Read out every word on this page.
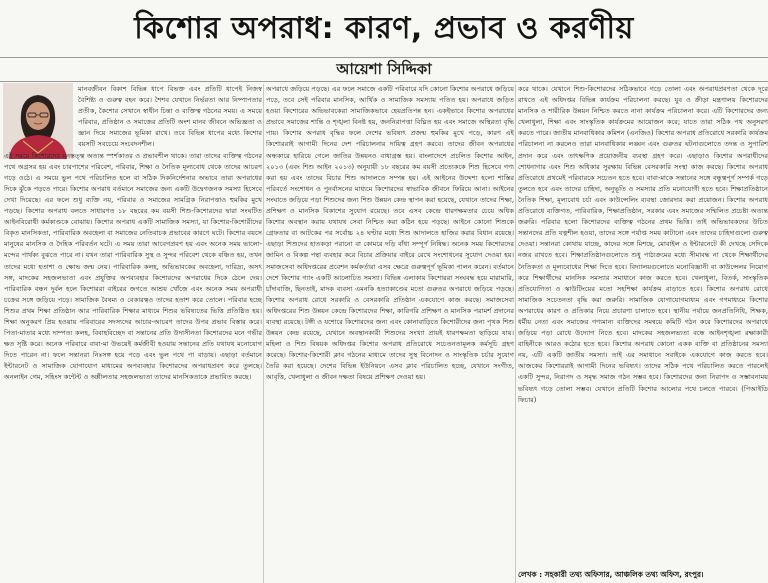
কিশোর অপরাধ: কারণ, প্রভাব ও করণীয়
আয়েশা সিদ্দিকা

মানবজীবন বিকাশ বিভিন্ন ধাপে বিভক্ত এবং প্রতিটি ধাপেই নিজস্ব বৈশিষ্ট্য ও গুরুত্ব বহন করে। শৈশব যেখানে নির্ভরতা আর নিষ্পাপতার প্রতীক, কৈশোর সেখানে স্বাধীন চিন্তা ও ব্যক্তিত্ব গঠনের সময়। এ সময়ে পরিবার, প্রতিষ্ঠান ও সমাজের প্রতিটি অংশ মানব জীবনে অভিজ্ঞতা ও জ্ঞান দিয়ে সমাজের ভূমিকা রাখে। তবে বিভিন্ন ধাপের মধ্যে কিশোর বয়সটি সবচেয়ে সংবেদনশীল।

এই সময়ে কিশোরদের মনস্তত্ত্ব অত্যন্ত স্পর্শকাতর ও প্রভাবশীল থাকে। তারা তাদের ব্যক্তিত্ব গঠনের পথে অগ্রসর হয় এবং চারপাশের পরিবেশ, পরিবার, শিক্ষা ও নৈতিক মূল্যবোধ থেকে তাদের আচরণ গড়ে ওঠে। এ সময়ে ভুল পথে পরিচালিত হলে বা সঠিক দিকনির্দেশনার অভাবে তারা অপরাধের দিকে ঝুঁকে পড়তে পারে। কিশোর অপরাধ বর্তমানে সমাজের জন্য একটি উদ্বেগজনক সমস্যা হিসেবে দেখা দিয়েছে। এর ফলে শুধু ব্যক্তি নয়, পরিবার ও সমাজের সামগ্রিক নিরাপত্তাও হুমকির মুখে পড়ছে। কিশোর অপরাধ বলতে সাধারণত ১৮ বছরের কম বয়সী শিশু-কিশোরদের দ্বারা সংঘটিত আইনবিরোধী কর্মকাণ্ডকে বোঝায়। কিশোর অপরাধ একটি সামাজিক সমস্যা, যা কিশোর-কিশোরীদের বিকৃত মানসিকতা, পারিবারিক অবহেলা বা সমাজের নেতিবাচক প্রভাবের কারণে ঘটে। কিশোর বয়সে মানুষের মানসিক ও দৈহিক পরিবর্তন ঘটে। এ সময় তারা আবেগপ্রবণ হয় এবং অনেক সময় ভালো-মন্দের পার্থক্য বুঝতে পারে না। যখন তারা পারিবারিক সুস্থ ও সুন্দর পরিবেশ থেকে বঞ্চিত হয়, তখন তাদের মধ্যে হতাশা ও ক্ষোভ জন্ম নেয়। পারিবারিক কলহ, অভিভাবকের অবহেলা, দারিদ্র্য, অসৎ সঙ্গ, মাদকের সহজলভ্যতা এবং প্রযুক্তির অপব্যবহার কিশোরদের অপরাধের দিকে ঠেলে দেয়। পারিবারিক বন্ধন দুর্বল হলে কিশোররা বাইরের জগতে আশ্রয় খোঁজে এবং অনেক সময় অপরাধী চক্রের সঙ্গে জড়িয়ে পড়ে। সামাজিক বৈষম্য ও বেকারত্বও তাদের হতাশ করে তোলে। পরিবার হচ্ছে শিশুর প্রথম শিক্ষা প্রতিষ্ঠান আর পারিবারিক শিক্ষার মাধ্যমে শিশুর ভবিষ্যতের ভিত্তি প্রতিষ্ঠিত হয়। শিক্ষা অনুকরণ প্রিয় হওয়ায় পরিবারের সদস্যদের আচার-আচরণ তাদের উপর প্রভাব বিস্তার করে। পিতা-মাতার মধ্যে দাম্পত্য কলহ, বিবাহবিচ্ছেদ বা সন্তানের প্রতি উদাসীনতা কিশোরদের মনে গভীর ক্ষত সৃষ্টি করে। অনেক পরিবারে বাবা-মা উভয়েই কর্মজীবী হওয়ায় সন্তানের প্রতি যথাযথ মনোযোগ দিতে পারেন না। ফলে সন্তানরা নিঃসঙ্গ হয়ে পড়ে এবং ভুল পথে পা বাড়ায়। এছাড়া বর্তমানে ইন্টারনেট ও সামাজিক যোগাযোগ মাধ্যমের অপব্যবহার কিশোরদের অপরাধপ্রবণ করে তুলছে। অনলাইন গেম, সহিংস কন্টেন্ট ও অশ্লীলতার সহজলভ্যতা তাদের মানসিকতাকে প্রভাবিত করছে।

অপরাধে জড়িয়ে পড়ছে। এর ফলে সমাজে একটি পরিবারে যদি কোনো কিশোর অপরাধে জড়িয়ে পড়ে, তবে সেই পরিবার মানসিক, আর্থিক ও সামাজিক সমস্যায় পতিত হয়। অপরাধে জড়িত হওয়া কিশোরের অভিভাবকেরা সামাজিকভাবে হেয়প্রতিপন্ন হন। একইভাবে কিশোর অপরাধের প্রভাবে সমাজের শান্তি ও শৃঙ্খলা বিনষ্ট হয়, জননিরাপত্তা বিঘ্নিত হয় এবং সমাজে অস্থিরতা বৃদ্ধি পায়। কিশোর অপরাধ বৃদ্ধির ফলে দেশের ভবিষ্যৎ প্রজন্ম হুমকির মুখে পড়ে, কারণ এই কিশোররাই আগামী দিনের দেশ পরিচালনার দায়িত্ব গ্রহণ করবে। তাদের জীবন অপরাধের অন্ধকারে হারিয়ে গেলে জাতির উন্নয়নও বাধাগ্রস্ত হয়। বাংলাদেশে প্রচলিত কিশোর আইন, ২০১৩ (এবং শিশু আইন ২০১৩) অনুযায়ী ১৮ বছরের কম বয়সী প্রত্যেককে শিশু হিসেবে গণ্য করা হয় এবং তাদের বিচার শিশু আদালতে সম্পন্ন হয়। এই আইনের উদ্দেশ্য হলো শাস্তির পরিবর্তে সংশোধন ও পুনর্বাসনের মাধ্যমে কিশোরদের স্বাভাবিক জীবনে ফিরিয়ে আনা। আইনের সংঘাতে জড়িয়ে পড়া শিশুদের জন্য শিশু উন্নয়ন কেন্দ্র স্থাপন করা হয়েছে, যেখানে তাদের শিক্ষা, প্রশিক্ষণ ও মানসিক বিকাশের সুযোগ রয়েছে। তবে এসব কেন্দ্রে ধারণক্ষমতার চেয়ে অধিক কিশোর অবস্থান করায় যথাযথ সেবা নিশ্চিত করা কঠিন হয়ে পড়ছে। আইনে কোনো শিশুকে গ্রেফতার বা আটকের পর সর্বোচ্চ ২৪ ঘণ্টার মধ্যে শিশু আদালতে হাজির করার বিধান রয়েছে। এছাড়া শিশুদের হাতকড়া পরানো বা কোমরে দড়ি বাঁধা সম্পূর্ণ নিষিদ্ধ। অনেক সময় কিশোরদের জামিন ও বিকল্প পন্থা ব্যবহার করে বিচার প্রক্রিয়ার বাইরে রেখে সংশোধনের সুযোগ দেওয়া হয়। সমাজসেবা অধিদপ্তরের প্রবেশন কর্মকর্তারা এসব ক্ষেত্রে গুরুত্বপূর্ণ ভূমিকা পালন করেন। বর্তমানে দেশে কিশোর গ্যাং একটি আলোচিত সমস্যা। বিভিন্ন এলাকায় কিশোররা সংঘবদ্ধ হয়ে মারামারি, চাঁদাবাজি, ছিনতাই, মাদক ব্যবসা এমনকি হত্যাকাণ্ডের মতো গুরুতর অপরাধে জড়িয়ে পড়ছে। কিশোর অপরাধ রোধে সরকারি ও বেসরকারি প্রতিষ্ঠান একযোগে কাজ করছে। সমাজসেবা অধিদপ্তরের শিশু উন্নয়ন কেন্দ্রে কিশোরদের শিক্ষা, কারিগরি প্রশিক্ষণ ও মানসিক পরামর্শ প্রদানের ব্যবস্থা রয়েছে। টঙ্গী ও যশোরে কিশোরদের জন্য এবং কোনাবাড়িতে কিশোরীদের জন্য পৃথক শিশু উন্নয়ন কেন্দ্র রয়েছে, যেখানে অবস্থানকারী শিশুদের সংখ্যা প্রায়ই ধারণক্ষমতা ছাড়িয়ে যায়। মহিলা ও শিশু বিষয়ক অধিদপ্তর কিশোর অপরাধ প্রতিরোধে সচেতনতামূলক কর্মসূচি গ্রহণ করেছে। কিশোর-কিশোরী ক্লাব গঠনের মাধ্যমে তাদের সুস্থ বিনোদন ও সাংস্কৃতিক চর্চার সুযোগ তৈরি করা হয়েছে। দেশের বিভিন্ন ইউনিয়নে এসব ক্লাব পরিচালিত হচ্ছে, যেখানে সংগীত, আবৃত্তি, খেলাধুলা ও জীবন দক্ষতা বিষয়ে প্রশিক্ষণ দেওয়া হয়।

করে থাকে। যেখানে শিশু-কিশোরদের সঠিকভাবে গড়ে তোলা এবং অপরাধপ্রবণতা থেকে দূরে রাখতে এই অধিদপ্তর বিভিন্ন কার্যক্রম পরিচালনা করছে। যুব ও ক্রীড়া মন্ত্রণালয় কিশোরদের মানসিক ও শারীরিক উন্নয়ন নিশ্চিত করতে নানা কার্যক্রম পরিচালনা করে। এটি কিশোরদের জন্য খেলাধুলা, শিক্ষা এবং সাংস্কৃতিক কার্যক্রমের আয়োজন করে; যাতে তারা সঠিক পথ অনুসরণ করতে পারে। জাতীয় মানবাধিকার কমিশন (এনজিও) কিশোর অপরাধ প্রতিরোধে সরকারি কার্যক্রম পরিচালনা না করলেও তারা মানবাধিকার লঙ্ঘন এবং গুরুতর ঘটনাগুলোতে তদন্ত ও সুপারিশ প্রদান করে এবং তাৎক্ষণিক প্রয়োজনীয় ব্যবস্থা গ্রহণ করে। এছাড়াও কিশোর অপরাধীদের শোধনাগার এবং শিশু অধিকার সুরক্ষায় বিভিন্ন বেসরকারি সংস্থা কাজ করছে। কিশোর অপরাধ প্রতিরোধে প্রথমেই পরিবারকে সচেতন হতে হবে। বাবা-মাকে সন্তানের সঙ্গে বন্ধুত্বপূর্ণ সম্পর্ক গড়ে তুলতে হবে এবং তাদের চাহিদা, অনুভূতি ও সমস্যার প্রতি মনোযোগী হতে হবে। শিক্ষাপ্রতিষ্ঠানে নৈতিক শিক্ষা, মূল্যবোধ চর্চা এবং কাউন্সেলিং ব্যবস্থা জোরদার করা প্রয়োজন। কিশোর অপরাধ প্রতিরোধে ব্যক্তিগত, পারিবারিক, শিক্ষাপ্রতিষ্ঠান, সরকার এবং সমাজের সম্মিলিত প্রচেষ্টা অত্যন্ত জরুরি। পরিবার হলো কিশোরদের ব্যক্তিত্ব গঠনের প্রথম ভিত্তি। তাই অভিভাবকদের উচিত সন্তানদের প্রতি যত্নশীল হওয়া, তাদের সঙ্গে পর্যাপ্ত সময় কাটানো এবং তাদের চাহিদাগুলো গুরুত্ব দেওয়া। সন্তানরা কোথায় যাচ্ছে, কাদের সঙ্গে মিশছে, মোবাইল ও ইন্টারনেটে কী দেখছে সেদিকে নজর রাখতে হবে। শিক্ষাপ্রতিষ্ঠানগুলোতে শুধু পাঠ্যক্রমের মধ্যে সীমাবদ্ধ না থেকে শিক্ষার্থীদের নৈতিকতা ও মূল্যবোধের শিক্ষা দিতে হবে। বিদ্যালয়গুলোতে মনোবিজ্ঞানী বা কাউন্সেলর নিয়োগ করে শিক্ষার্থীদের মানসিক সমস্যার সমাধানে কাজ করতে হবে। খেলাধুলা, বিতর্ক, সাংস্কৃতিক প্রতিযোগিতা ও স্কাউটিংয়ের মতো সহশিক্ষা কার্যক্রম বাড়াতে হবে। কিশোর অপরাধ রোধে সামাজিক সচেতনতা বৃদ্ধি করা জরুরি। সামাজিক যোগাযোগমাধ্যম এবং গণমাধ্যমে কিশোর অপরাধের কারণ ও প্রতিকার নিয়ে প্রচারণা চালাতে হবে। স্থানীয় পর্যায়ে জনপ্রতিনিধি, শিক্ষক, ধর্মীয় নেতা এবং সমাজের গণ্যমান্য ব্যক্তিদের সমন্বয়ে কমিটি গঠন করে কিশোরদের অপরাধে জড়িয়ে পড়া রোধে উদ্যোগ নিতে হবে। মাদকের সহজলভ্যতা বন্ধে আইনশৃঙ্খলা রক্ষাকারী বাহিনীকে আরও কঠোর হতে হবে। কিশোর অপরাধ কোনো একক ব্যক্তি বা প্রতিষ্ঠানের সমস্যা নয়, এটি একটি জাতীয় সমস্যা। তাই এর সমাধানে সবাইকে একযোগে কাজ করতে হবে। আজকের কিশোররাই আগামী দিনের ভবিষ্যৎ। তাদের সঠিক পথে পরিচালিত করতে পারলেই একটি সুন্দর, নিরাপদ ও সমৃদ্ধ সমাজ গঠন সম্ভব হবে। কিশোরদের জন্য নিরাপদ ও সম্ভাবনাময় ভবিষ্যৎ গড়ে তোলা সম্ভব। যেখানে প্রতিটি কিশোর আলোর পথে চলতে পারবে। (পিআইডি ফিচার)

লেখক : সহকারী তথ্য অফিসার, আঞ্চলিক তথ্য অফিস, রংপুর।
